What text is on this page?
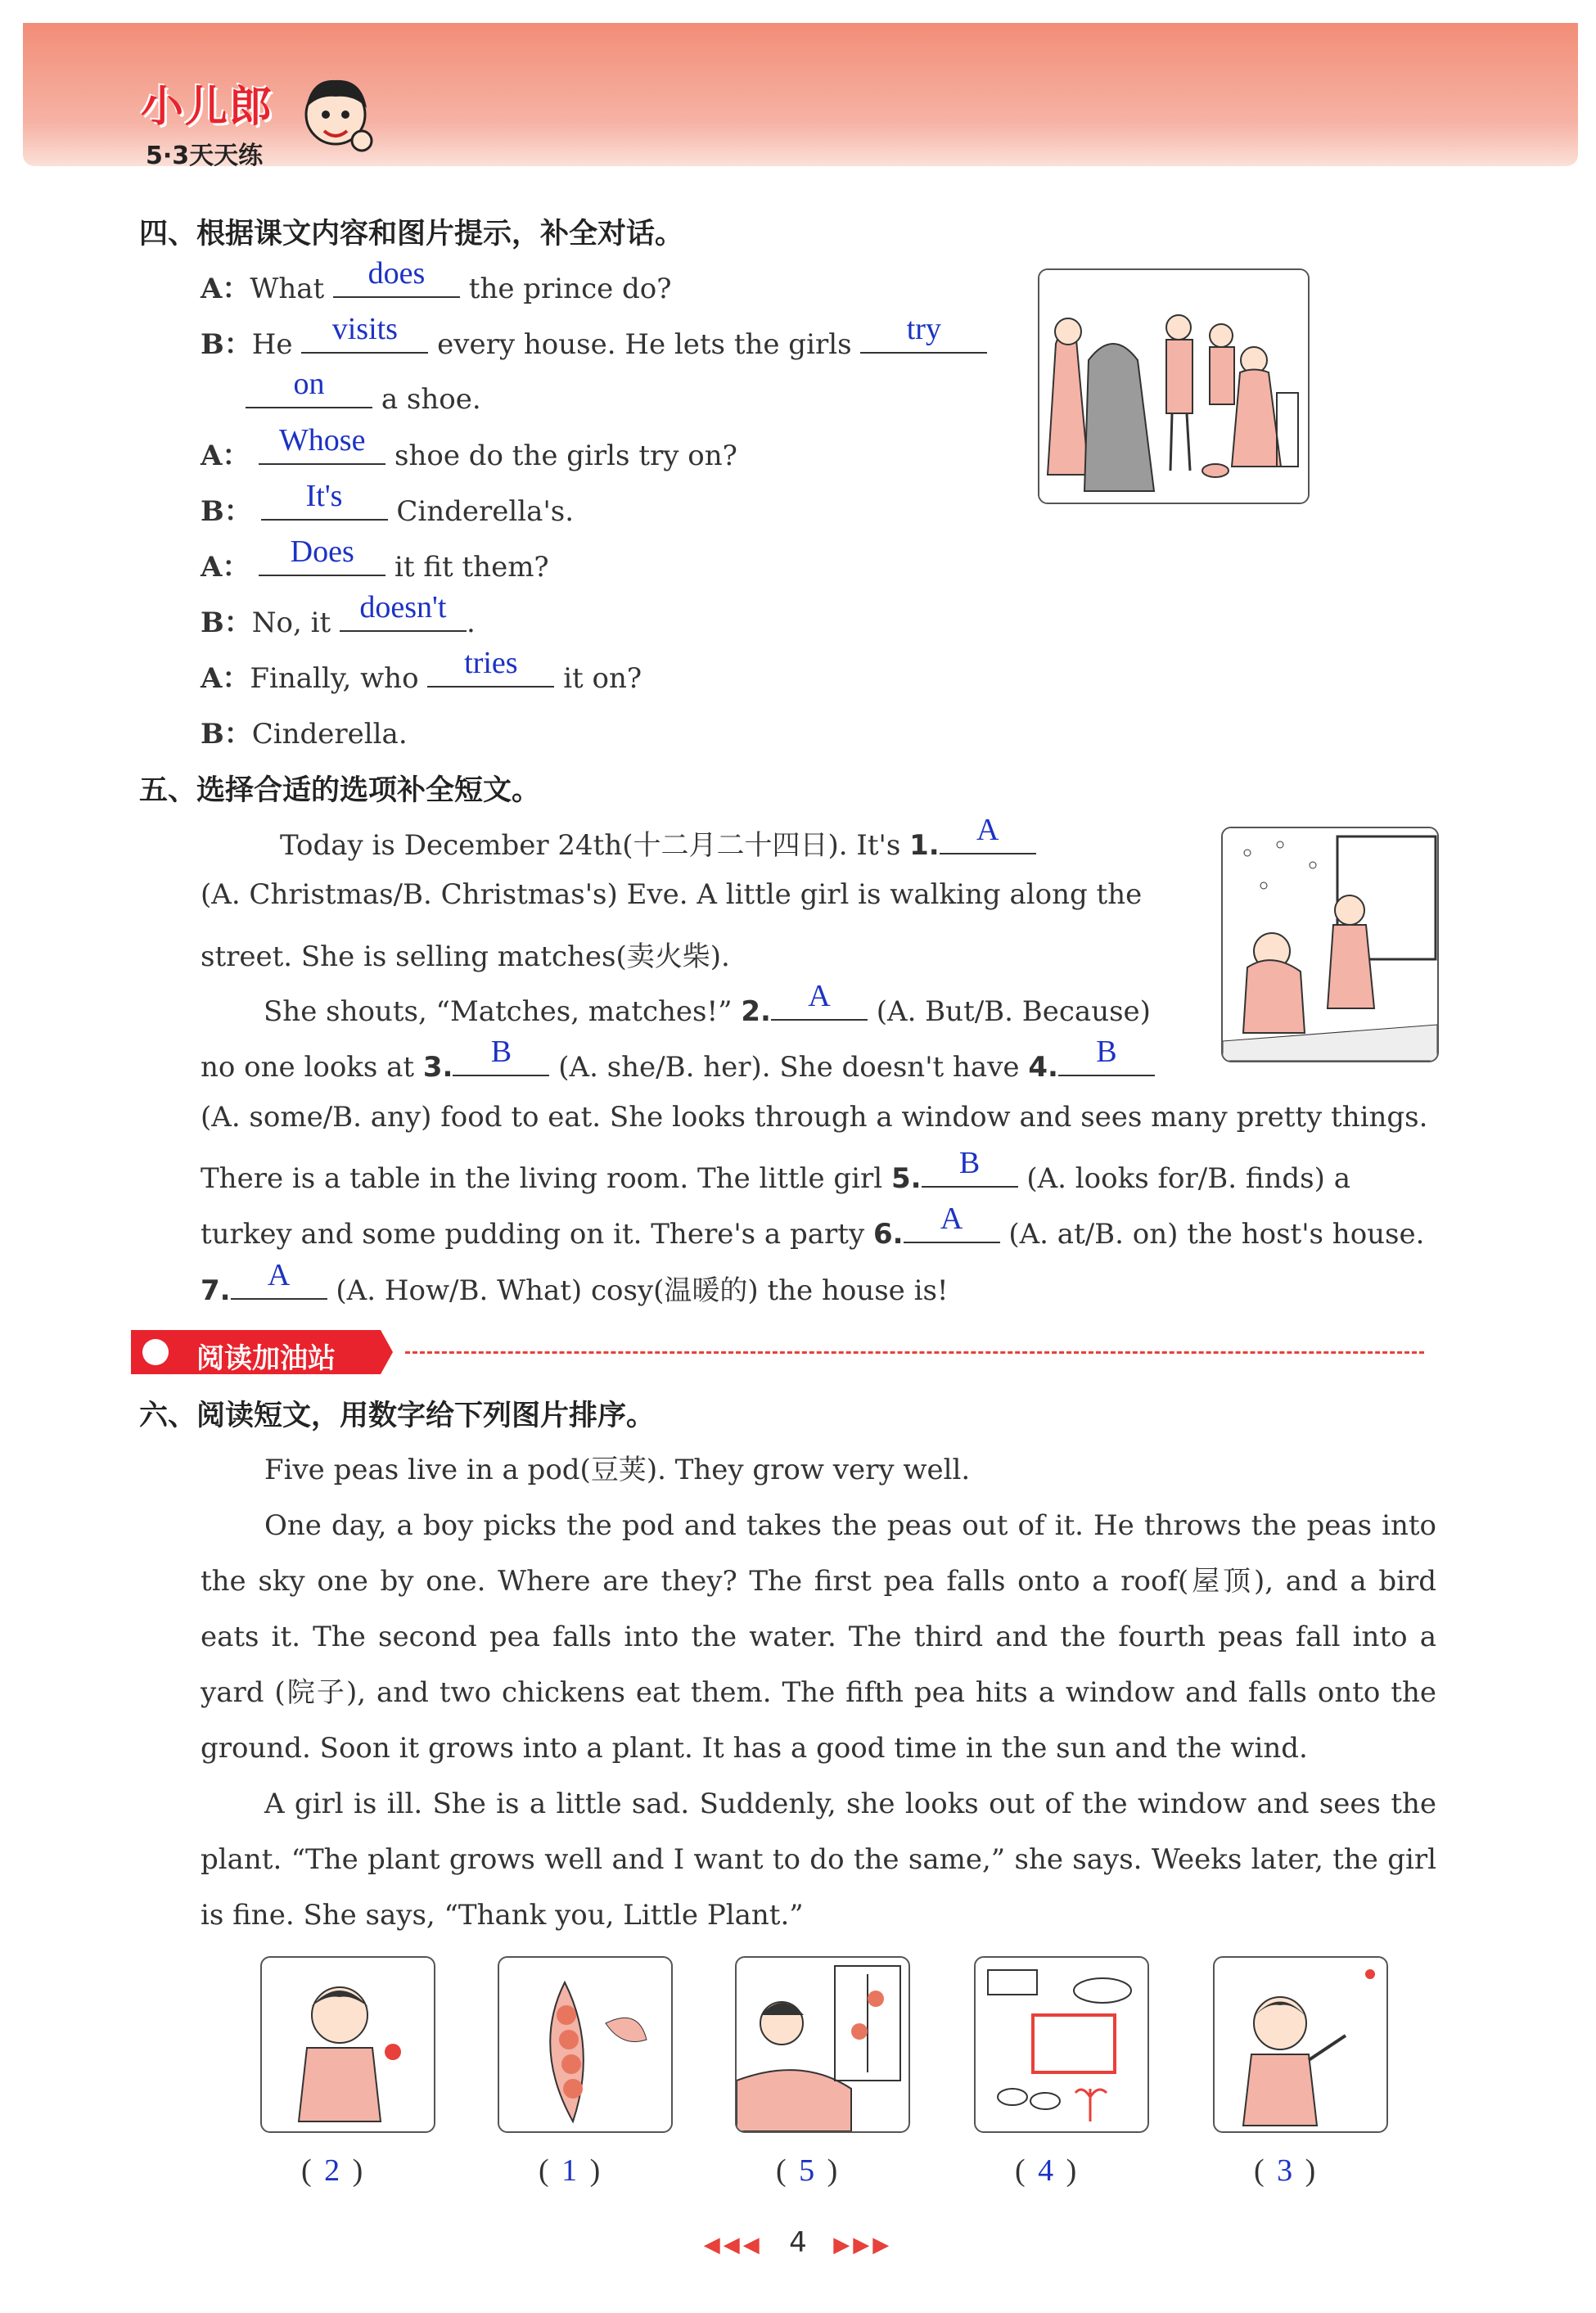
小儿郎
5·3天天练
四、根据课文内容和图片提示，补全对话。
A：What	does	the prince do?
B：He	visits	every house. He lets the girls	try
on	a shoe.
A： Whose	shoe do the girls try on?
B：	It's	Cinderella's.
A：	Does	it fit them?
B：No, it doesn't .
A：Finally, who	tries	it on?
B：Cinderella.
五、选择合适的选项补全短文。
Today is December 24th(十二月二十四日). It's 1.	A
(A. Christmas/B. Christmas's) Eve. A little girl is walking along the
street. She is selling matches(卖火柴).
She shouts, “Matches, matches!” 2.	A	(A. But/B. Because)
no one looks at 3.	B	(A. she/B. her). She doesn't have 4.	B
(A. some/B. any) food to eat. She looks through a window and sees many pretty things.
There is a table in the living room. The little girl 5.	B	(A. looks for/B. finds) a
turkey and some pudding on it. There's a party 6.	A	(A. at/B. on) the host's house.
7.	A	(A. How/B. What) cosy(温暖的) the house is!
阅读加油站
六、阅读短文，用数字给下列图片排序。
Five peas live in a pod(豆荚). They grow very well.
One day, a boy picks the pod and takes the peas out of it. He throws the peas into the sky one by one. Where are they? The first pea falls onto a roof(屋顶), and a bird eats it. The second pea falls into the water. The third and the fourth peas fall into a yard (院子), and two chickens eat them. The fifth pea hits a window and falls onto the ground. Soon it grows into a plant. It has a good time in the sun and the wind.
A girl is ill. She is a little sad. Suddenly, she looks out of the window and sees the plant. “The plant grows well and I want to do the same,” she says. Weeks later, the girl is fine. She says, “Thank you, Little Plant.”
( 2 )	( 1 )	( 5 )	( 4 )	( 3 )
◀◀◀ 4 ▶▶▶
